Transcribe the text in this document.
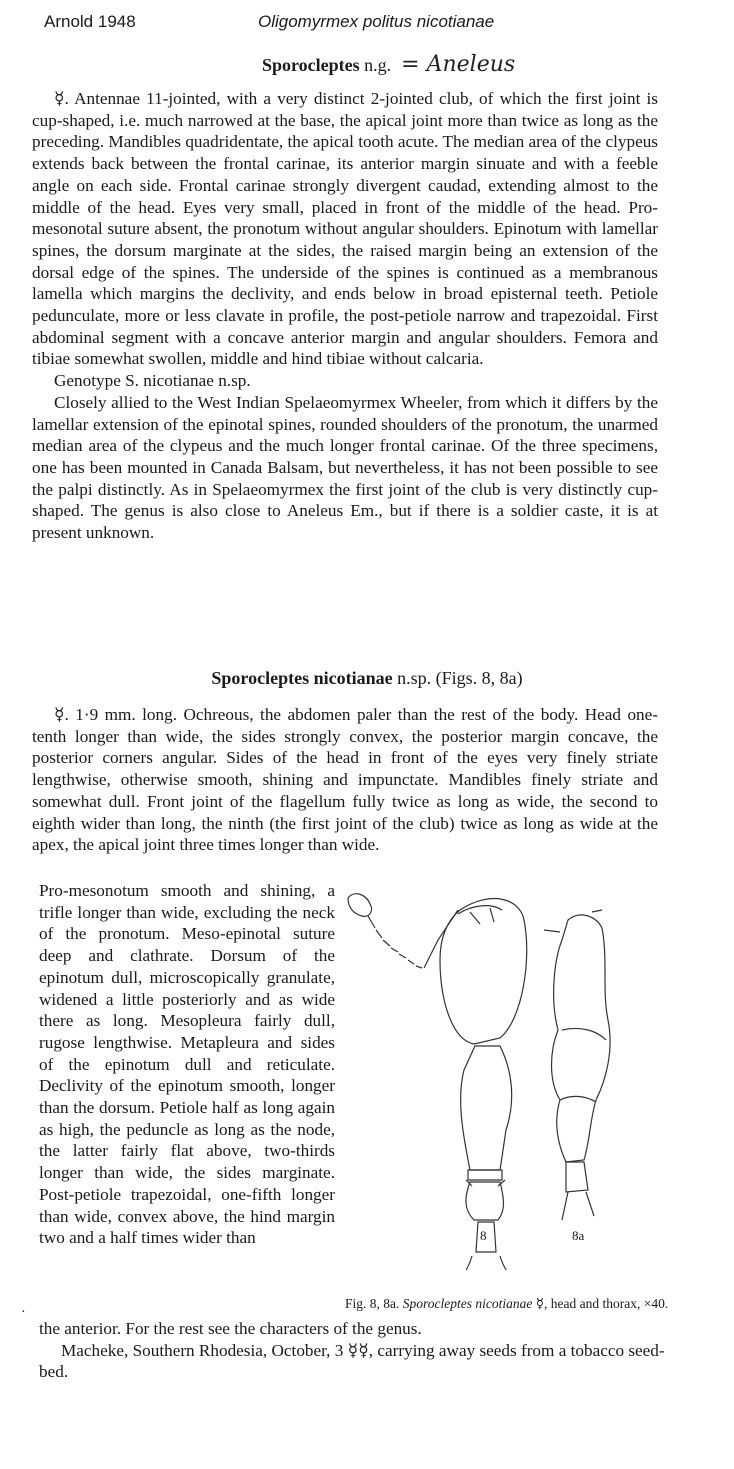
Arnold 1948	Oligomyrmex politus nicotianae
Sporocleptes n.g. = Aneleus

☿. Antennae 11-jointed, with a very distinct 2-jointed club, of which the first joint is cup-shaped, i.e. much narrowed at the base, the apical joint more than twice as long as the preceding. Mandibles quadridentate, the apical tooth acute. The median area of the clypeus extends back between the frontal carinae, its anterior margin sinuate and with a feeble angle on each side. Frontal carinae strongly divergent caudad, extending almost to the middle of the head. Eyes very small, placed in front of the middle of the head. Pro-mesonotal suture absent, the pronotum without angular shoulders. Epinotum with lamellar spines, the dorsum marginate at the sides, the raised margin being an extension of the dorsal edge of the spines. The underside of the spines is continued as a membranous lamella which margins the declivity, and ends below in broad episternal teeth. Petiole pedunculate, more or less clavate in profile, the post-petiole narrow and trapezoidal. First abdominal segment with a concave anterior margin and angular shoulders. Femora and tibiae somewhat swollen, middle and hind tibiae without calcaria.

Genotype S. nicotianae n.sp.

Closely allied to the West Indian Spelaeomyrmex Wheeler, from which it differs by the lamellar extension of the epinotal spines, rounded shoulders of the pronotum, the unarmed median area of the clypeus and the much longer frontal carinae. Of the three specimens, one has been mounted in Canada Balsam, but nevertheless, it has not been possible to see the palpi distinctly. As in Spelaeomyrmex the first joint of the club is very distinctly cup-shaped. The genus is also close to Aneleus Em., but if there is a soldier caste, it is at present unknown.

Sporocleptes nicotianae n.sp. (Figs. 8, 8a)

☿. 1·9 mm. long. Ochreous, the abdomen paler than the rest of the body. Head one-tenth longer than wide, the sides strongly convex, the posterior margin concave, the posterior corners angular. Sides of the head in front of the eyes very finely striate lengthwise, otherwise smooth, shining and impunctate. Mandibles finely striate and somewhat dull. Front joint of the flagellum fully twice as long as wide, the second to eighth wider than long, the ninth (the first joint of the club) twice as long as wide at the apex, the apical joint three times longer than wide.

Pro-mesonotum smooth and shining, a trifle longer than wide, excluding the neck of the pronotum. Meso-epinotal suture deep and clathrate. Dorsum of the epinotum dull, microscopically granulate, widened a little posteriorly and as wide there as long. Mesopleura fairly dull, rugose lengthwise. Metapleura and sides of the epinotum dull and reticulate. Declivity of the epinotum smooth, longer than the dorsum. Petiole half as long again as high, the peduncle as long as the node, the latter fairly flat above, two-thirds longer than wide, the sides marginate. Post-petiole trapezoidal, one-fifth longer than wide, convex above, the hind margin two and a half times wider than	8	8a
Fig. 8, 8a. Sporocleptes nicotianae ☿, head and thorax, ×40.
·

the anterior. For the rest see the characters of the genus.

Macheke, Southern Rhodesia, October, 3 ☿☿, carrying away seeds from a tobacco seed-bed.
